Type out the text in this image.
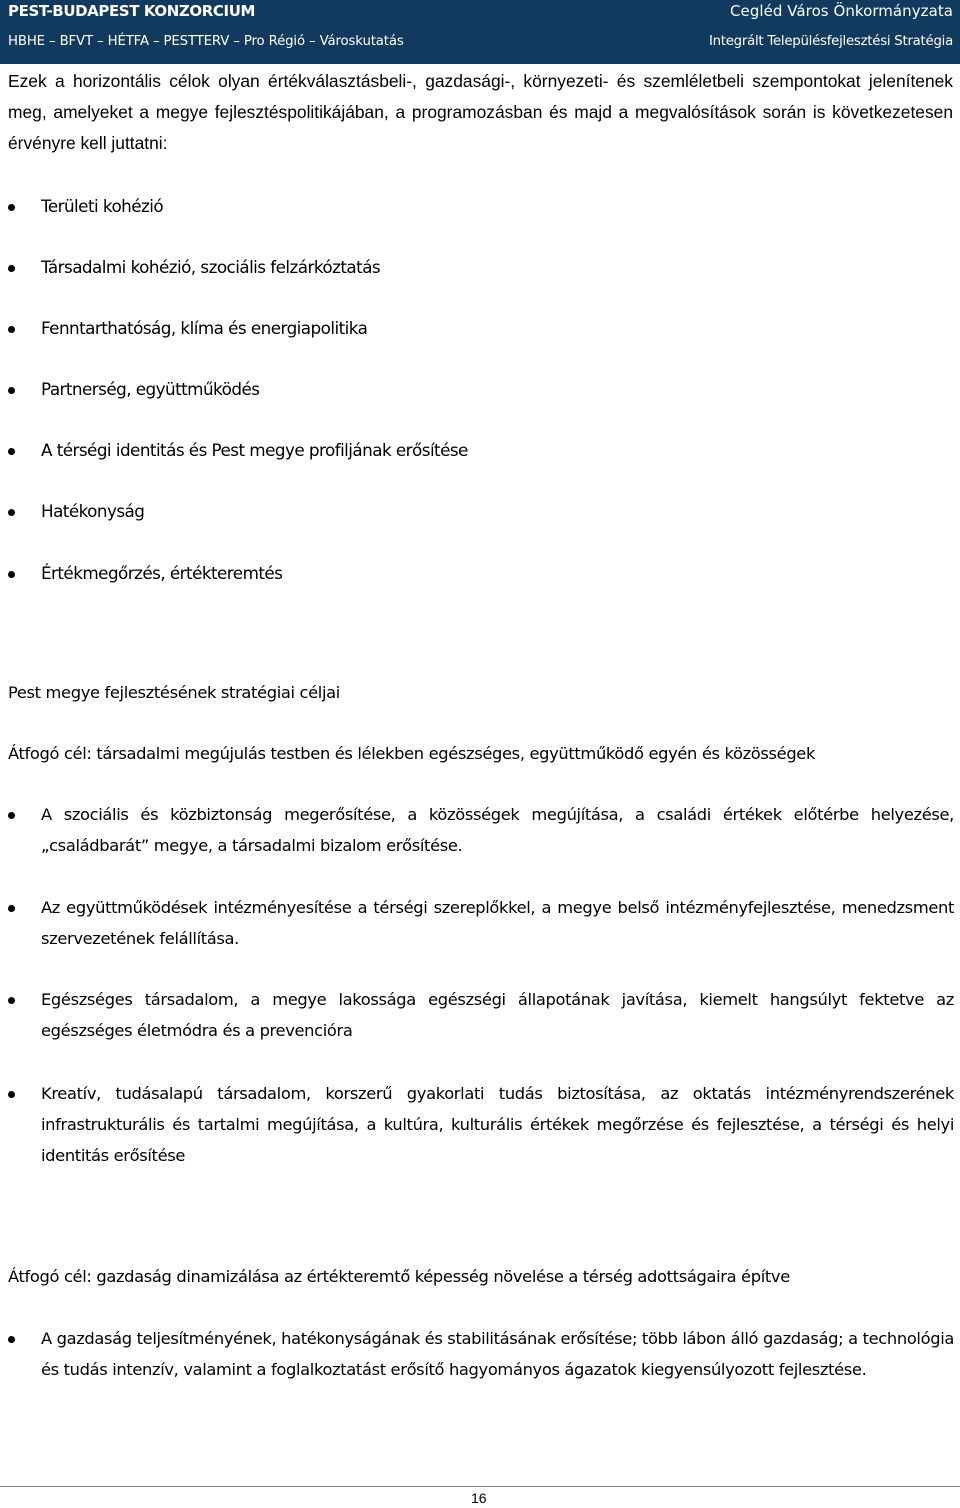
PEST-BUDAPEST KONZORCIUM	Cegléd Város Önkormányzata
HBHE – BFVT – HÉTFA – PESTTERV – Pro Régió – Városkutatás	Integrált Településfejlesztési Stratégia

Ezek a horizontális célok olyan értékválasztásbeli-, gazdasági-, környezeti- és szemléletbeli szempontokat jelenítenek meg, amelyeket a megye fejlesztéspolitikájában, a programozásban és majd a megvalósítások során is következetesen érvényre kell juttatni:

Területi kohézió

Társadalmi kohézió, szociális felzárkóztatás

Fenntarthatóság, klíma és energiapolitika

Partnerség, együttműködés

A térségi identitás és Pest megye profiljának erősítése

Hatékonyság

Értékmegőrzés, értékteremtés

Pest megye fejlesztésének stratégiai céljai

Átfogó cél: társadalmi megújulás testben és lélekben egészséges, együttműködő egyén és közösségek

A szociális és közbiztonság megerősítése, a közösségek megújítása, a családi értékek előtérbe helyezése, „családbarát” megye, a társadalmi bizalom erősítése.

Az együttműködések intézményesítése a térségi szereplőkkel, a megye belső intézményfejlesztése, menedzsment szervezetének felállítása.

Egészséges társadalom, a megye lakossága egészségi állapotának javítása, kiemelt hangsúlyt fektetve az egészséges életmódra és a prevencióra

Kreatív, tudásalapú társadalom, korszerű gyakorlati tudás biztosítása, az oktatás intézményrendszerének infrastrukturális és tartalmi megújítása, a kultúra, kulturális értékek megőrzése és fejlesztése, a térségi és helyi identitás erősítése

Átfogó cél: gazdaság dinamizálása az értékteremtő képesség növelése a térség adottságaira építve

A gazdaság teljesítményének, hatékonyságának és stabilitásának erősítése; több lábon álló gazdaság; a technológia és tudás intenzív, valamint a foglalkoztatást erősítő hagyományos ágazatok kiegyensúlyozott fejlesztése.

16
